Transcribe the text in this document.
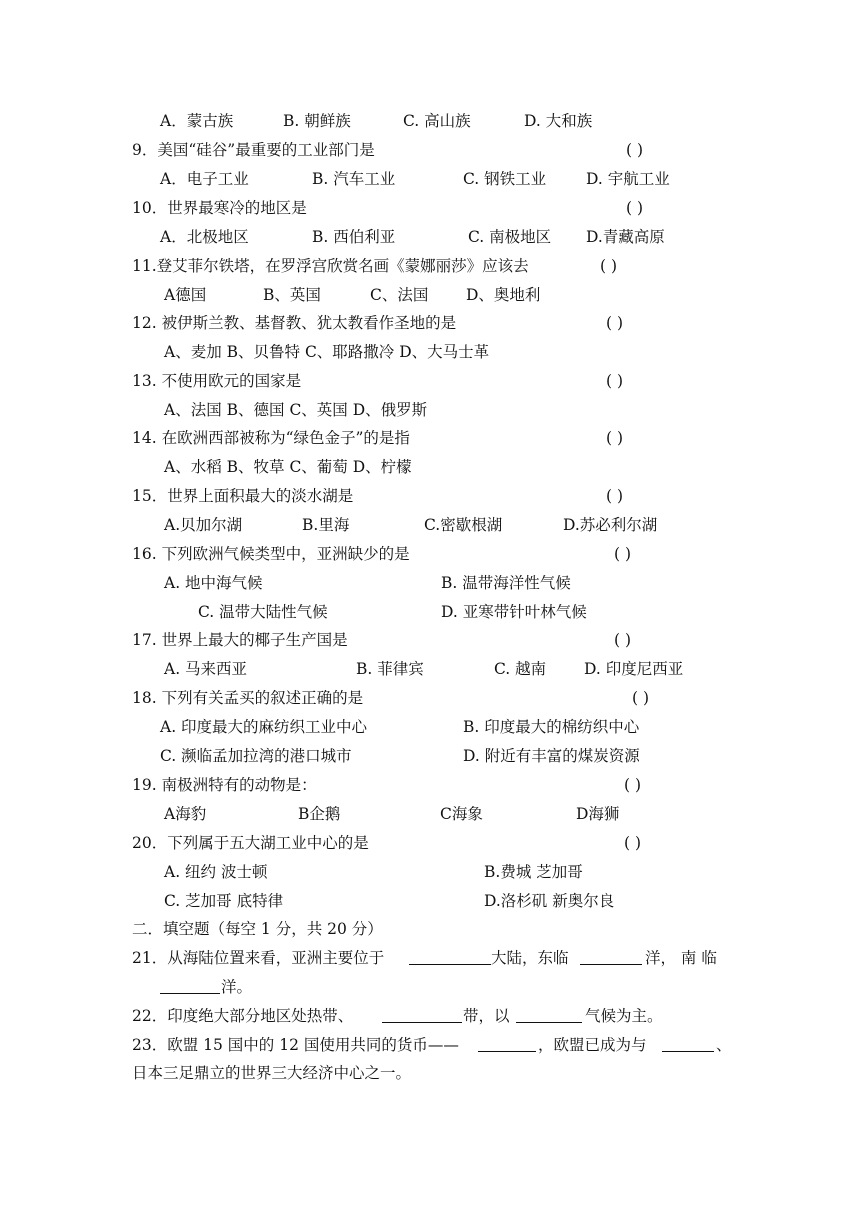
A．蒙古族	B. 朝鲜族	C. 高山族	D. 大和族
9．美国“硅谷”最重要的工业部门是	( )
A．电子工业	B. 汽车工业	C. 钢铁工业	D. 宇航工业
10．世界最寒冷的地区是	( )
A．北极地区	B. 西伯利亚	C. 南极地区 D.青藏高原
11.登艾菲尔铁塔，在罗浮宫欣赏名画《蒙娜丽莎》应该去	( )
A德国	B、英国	C、法国 D、奥地利
12. 被伊斯兰教、基督教、犹太教看作圣地的是	( )
A、麦加 B、贝鲁特 C、耶路撒冷 D、大马士革
13. 不使用欧元的国家是	( )
A、法国 B、德国 C、英国 D、俄罗斯
14. 在欧洲西部被称为“绿色金子”的是指	( )
A、水稻 B、牧草 C、葡萄 D、柠檬
15．世界上面积最大的淡水湖是	( )
A.贝加尔湖	B.里海	C.密歇根湖	D.苏必利尔湖
16. 下列欧洲气候类型中，亚洲缺少的是	( )
A. 地中海气候	B. 温带海洋性气候
C. 温带大陆性气候	D. 亚寒带针叶林气候
17. 世界上最大的椰子生产国是	( )
A. 马来西亚	B. 菲律宾	C. 越南 D. 印度尼西亚
18. 下列有关孟买的叙述正确的是	( )
A. 印度最大的麻纺织工业中心	B. 印度最大的棉纺织中心
C. 濒临孟加拉湾的港口城市	D. 附近有丰富的煤炭资源
19. 南极洲特有的动物是：	( )
A海豹	B企鹅	C海象	D海狮
20．下列属于五大湖工业中心的是	( )
A. 纽约 波士顿	B.费城 芝加哥
C. 芝加哥 底特律	D.洛杉矶 新奥尔良
二．填空题（每空 1 分，共 20 分）
21．从海陆位置来看，亚洲主要位于	大陆，东临	洋， 南 临
洋。
22．印度绝大部分地区处热带、	带，以	气候为主。
23．欧盟 15 国中的 12 国使用共同的货币——	，欧盟已成为与	、
日本三足鼎立的世界三大经济中心之一。
